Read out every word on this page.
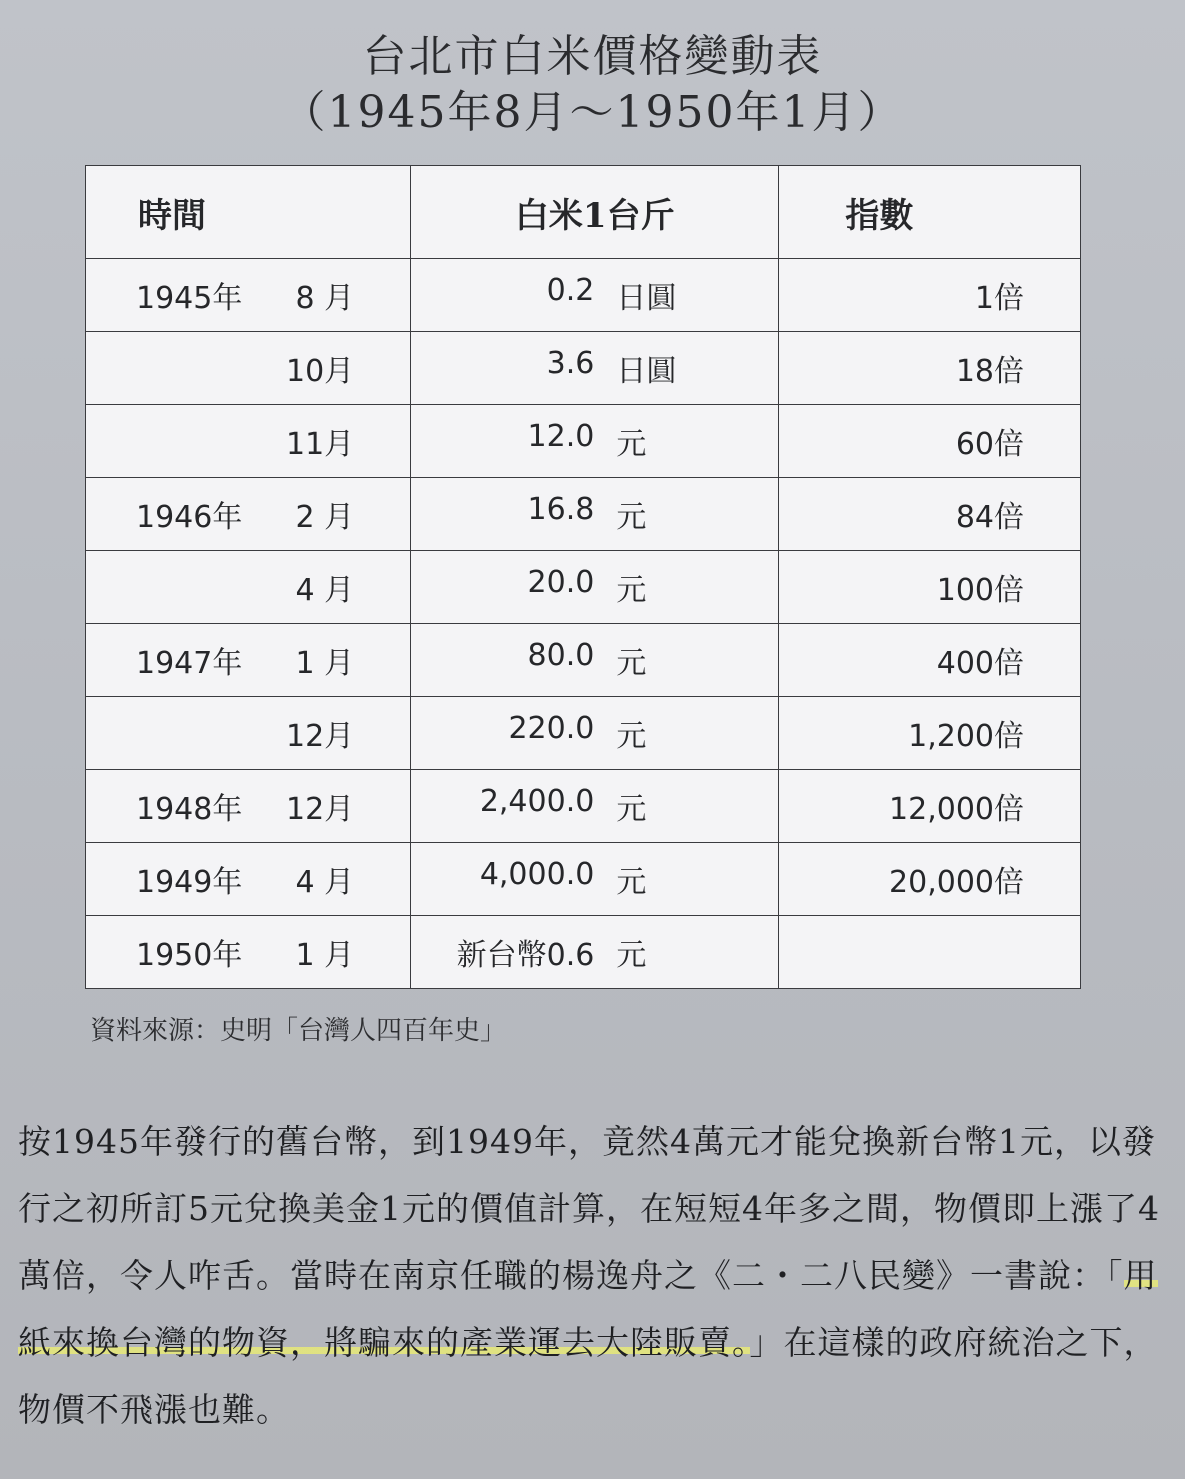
台北市白米價格變動表
（1945年8月～1950年1月）
時間	白米1台斤	指數

1945年 8 月	0.2 日圓	1倍

10月	3.6 日圓	18倍

11月	12.0 元	60倍

1946年 2 月	16.8 元	84倍

4 月	20.0 元	100倍

1947年 1 月	80.0 元	400倍

12月	220.0 元	1,200倍

1948年 12月	2,400.0 元	12,000倍

1949年 4 月	4,000.0 元	20,000倍

1950年 1 月	新台幣0.6 元	

資料來源：史明「台灣人四百年史」

按1945年發行的舊台幣，到1949年，竟然4萬元才能兌換新台幣1元，以發行之初所訂5元兌換美金1元的價值計算，在短短4年多之間，物價即上漲了4萬倍，令人咋舌。當時在南京任職的楊逸舟之《二・二八民變》一書說：「用紙來換台灣的物資，將騙來的產業運去大陸販賣。」在這樣的政府統治之下，物價不飛漲也難。
